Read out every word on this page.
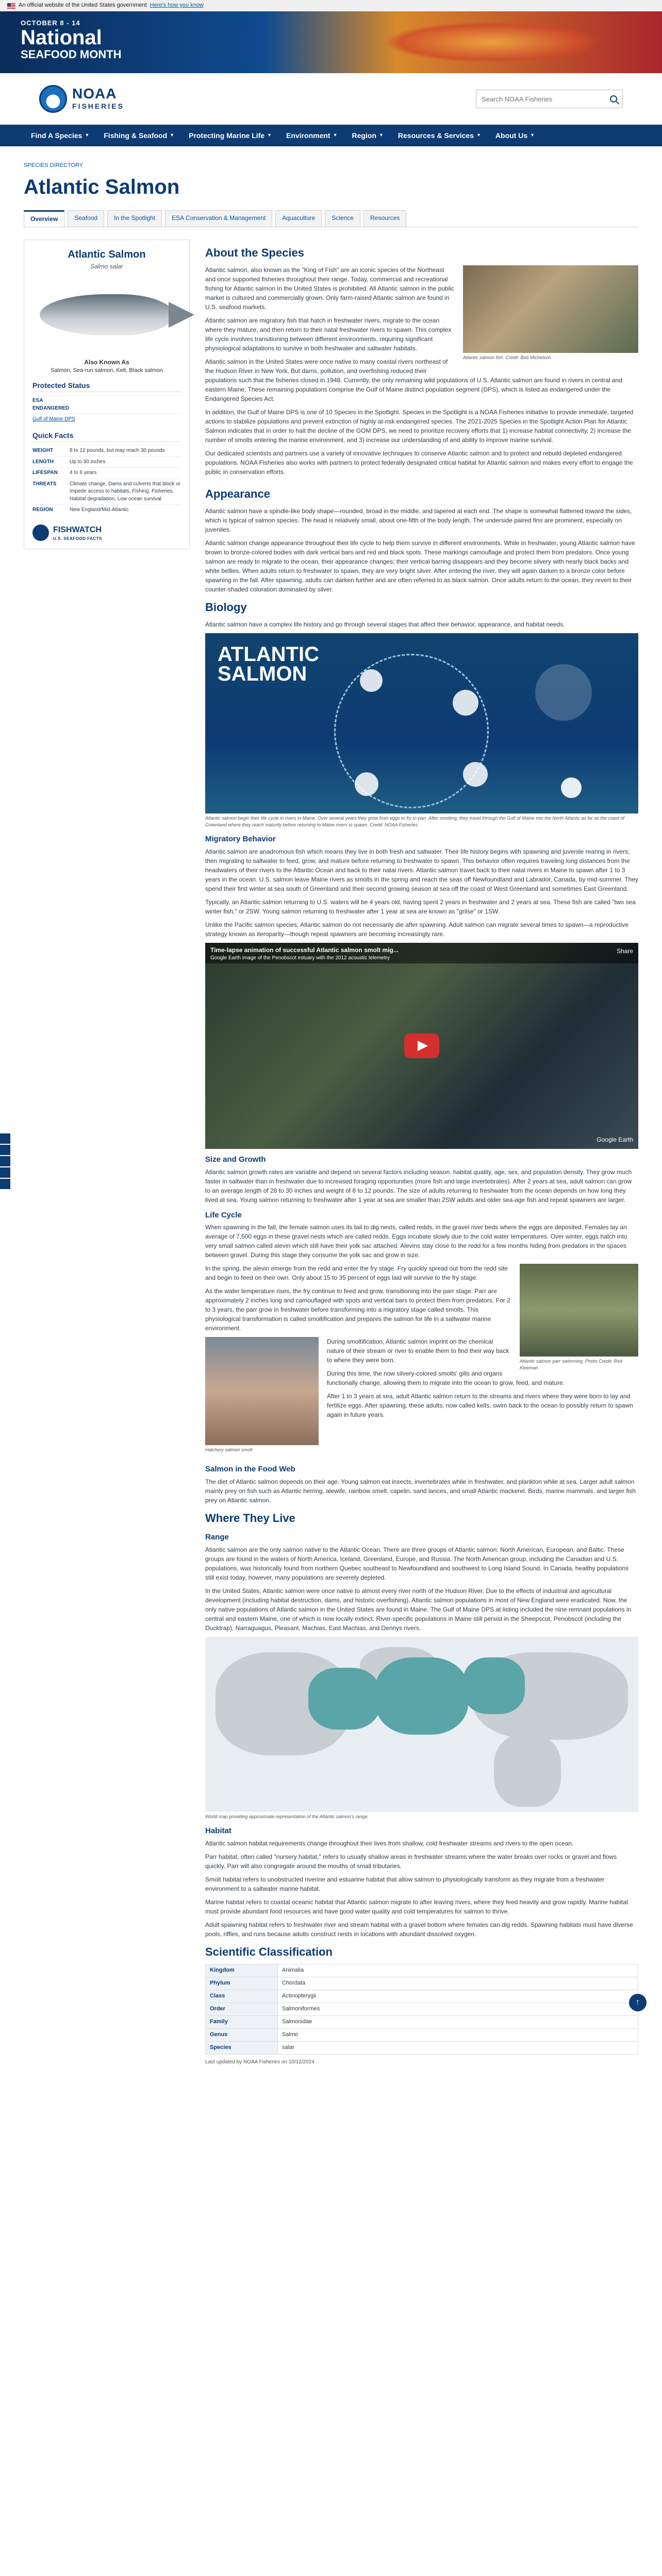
An official website of the United States government Here's how you know
OCTOBER 8 - 14
National
SEAFOOD MONTH
NOAA
FISHERIES
Search NOAA Fisheries
Find A Species ▼ Fishing & Seafood ▼ Protecting Marine Life ▼ Environment ▼ Region ▼ Resources & Services ▼ About Us ▼
SPECIES DIRECTORY
Atlantic Salmon
Overview	Seafood	In the Spotlight	ESA Conservation & Management	Aquaculture	Science	Resources
Atlantic Salmon
Salmo salar
Also Known As
Salmon, Sea-run salmon, Kelt, Black salmon
Protected Status
ESA ENDANGERED
Gulf of Maine DPS
Quick Facts
WEIGHT	8 to 12 pounds, but may reach 30 pounds
LENGTH	Up to 30 inches
LIFESPAN	4 to 6 years
THREATS	Climate change, Dams and culverts that block or impede access to habitats, Fishing, Fisheries, Habitat degradation, Low ocean survival
REGION	New England/Mid-Atlantic
FISHWATCH
U.S. SEAFOOD FACTS
About the Species
Atlantic salmon fish. Credit: Bob Michelson

Atlantic salmon, also known as the "King of Fish" are an iconic species of the Northeast and once supported fisheries throughout their range. Today, commercial and recreational fishing for Atlantic salmon in the United States is prohibited. All Atlantic salmon in the public market is cultured and commercially grown. Only farm-raised Atlantic salmon are found in U.S. seafood markets.

Atlantic salmon are migratory fish that hatch in freshwater rivers, migrate to the ocean where they mature, and then return to their natal freshwater rivers to spawn. This complex life cycle involves transitioning between different environments, requiring significant physiological adaptations to survive in both freshwater and saltwater habitats.

Atlantic salmon in the United States were once native to many coastal rivers northeast of the Hudson River in New York. But dams, pollution, and overfishing reduced their populations such that the fisheries closed in 1948. Currently, the only remaining wild populations of U.S. Atlantic salmon are found in rivers in central and eastern Maine. These remaining populations comprise the Gulf of Maine distinct population segment (DPS), which is listed as endangered under the Endangered Species Act.

In addition, the Gulf of Maine DPS is one of 10 Species in the Spotlight. Species in the Spotlight is a NOAA Fisheries initiative to provide immediate, targeted actions to stabilize populations and prevent extinction of highly at-risk endangered species. The 2021-2025 Species in the Spotlight Action Plan for Atlantic Salmon indicates that in order to halt the decline of the GOM DPS, we need to prioritize recovery efforts that 1) increase habitat connectivity, 2) increase the number of smolts entering the marine environment, and 3) increase our understanding of and ability to improve marine survival.

Our dedicated scientists and partners use a variety of innovative techniques to conserve Atlantic salmon and to protect and rebuild depleted endangered populations. NOAA Fisheries also works with partners to protect federally designated critical habitat for Atlantic salmon and makes every effort to engage the public in conservation efforts.

Appearance

Atlantic salmon have a spindle-like body shape—rounded, broad in the middle, and tapered at each end. The shape is somewhat flattened toward the sides, which is typical of salmon species. The head is relatively small, about one-fifth of the body length. The underside paired fins are prominent, especially on juveniles.

Atlantic salmon change appearance throughout their life cycle to help them survive in different environments. While in freshwater, young Atlantic salmon have brown to bronze-colored bodies with dark vertical bars and red and black spots. These markings camouflage and protect them from predators. Once young salmon are ready to migrate to the ocean, their appearance changes; their vertical barring disappears and they become silvery with nearly black backs and white bellies. When adults return to freshwater to spawn, they are very bright silver. After entering the river, they will again darken to a bronze color before spawning in the fall. After spawning, adults can darken further and are often referred to as black salmon. Once adults return to the ocean, they revert to their counter-shaded coloration dominated by silver.

Biology

Atlantic salmon have a complex life history and go through several stages that affect their behavior, appearance, and habitat needs.

ATLANTIC
SALMON
Atlantic salmon begin their life cycle in rivers in Maine. Over several years they grow from eggs to fry to parr. After smolting, they travel through the Gulf of Maine into the North Atlantic as far as the coast of Greenland where they reach maturity before returning to Maine rivers to spawn. Credit: NOAA Fisheries
Migratory Behavior

Atlantic salmon are anadromous fish which means they live in both fresh and saltwater. Their life history begins with spawning and juvenile rearing in rivers; then migrating to saltwater to feed, grow, and mature before returning to freshwater to spawn. This behavior often requires traveling long distances from the headwaters of their rivers to the Atlantic Ocean and back to their natal rivers. Atlantic salmon travel back to their natal rivers in Maine to spawn after 1 to 3 years in the ocean. U.S. salmon leave Maine rivers as smolts in the spring and reach the seas off Newfoundland and Labrador, Canada, by mid-summer. They spend their first winter at sea south of Greenland and their second growing season at sea off the coast of West Greenland and sometimes East Greenland.

Typically, an Atlantic salmon returning to U.S. waters will be 4 years old, having spent 2 years in freshwater and 2 years at sea. These fish are called "two sea winter fish," or 2SW. Young salmon returning to freshwater after 1 year at sea are known as "grilse" or 1SW.

Unlike the Pacific salmon species, Atlantic salmon do not necessarily die after spawning. Adult salmon can migrate several times to spawn—a reproductive strategy known as iteroparity—though repeat spawners are becoming increasingly rare.

Time-lapse animation of successful Atlantic salmon smolt mig...
Google Earth image of the Penobscot estuary with the 2012 acoustic telemetry
Share
Google Earth
Size and Growth

Atlantic salmon growth rates are variable and depend on several factors including season, habitat quality, age, sex, and population density. They grow much faster in saltwater than in freshwater due to increased foraging opportunities (more fish and large invertebrates). After 2 years at sea, adult salmon can grow to an average length of 28 to 30 inches and weight of 8 to 12 pounds. The size of adults returning to freshwater from the ocean depends on how long they lived at sea. Young salmon returning to freshwater after 1 year at sea are smaller than 2SW adults and older sea-age fish and repeat spawners are larger.

Life Cycle

When spawning in the fall, the female salmon uses its tail to dig nests, called redds, in the gravel river beds where the eggs are deposited. Females lay an average of 7,500 eggs in these gravel nests which are called redds. Eggs incubate slowly due to the cold water temperatures. Over winter, eggs hatch into very small salmon called alevin which still have their yolk sac attached. Alevins stay close to the redd for a few months hiding from predators in the spaces between gravel. During this stage they consume the yolk sac and grow in size.

Atlantic salmon parr swimming. Photo Credit: Rick Kleeman

In the spring, the alevin emerge from the redd and enter the fry stage. Fry quickly spread out from the redd site and begin to feed on their own. Only about 15 to 35 percent of eggs laid will survive to the fry stage.

As the water temperature rises, the fry continue to feed and grow, transitioning into the parr stage. Parr are approximately 2 inches long and camouflaged with spots and vertical bars to protect them from predators. For 2 to 3 years, the parr grow in freshwater before transforming into a migratory stage called smolts. This physiological transformation is called smoltification and prepares the salmon for life in a saltwater marine environment.

Hatchery salmon smolt

During smoltification, Atlantic salmon imprint on the chemical nature of their stream or river to enable them to find their way back to where they were born.

During this time, the now silvery-colored smolts' gills and organs functionally change, allowing them to migrate into the ocean to grow, feed, and mature.

After 1 to 3 years at sea, adult Atlantic salmon return to the streams and rivers where they were born to lay and fertilize eggs. After spawning, these adults, now called kelts, swim back to the ocean to possibly return to spawn again in future years.

Salmon in the Food Web

The diet of Atlantic salmon depends on their age. Young salmon eat insects, invertebrates while in freshwater, and plankton while at sea. Larger adult salmon mainly prey on fish such as Atlantic herring, alewife, rainbow smelt, capelin, sand lances, and small Atlantic mackerel. Birds, marine mammals, and larger fish prey on Atlantic salmon.

Where They Live
Range

Atlantic salmon are the only salmon native to the Atlantic Ocean. There are three groups of Atlantic salmon: North American, European, and Baltic. These groups are found in the waters of North America, Iceland, Greenland, Europe, and Russia. The North American group, including the Canadian and U.S. populations, was historically found from northern Quebec southeast to Newfoundland and southwest to Long Island Sound. In Canada, healthy populations still exist today, however, many populations are severely depleted.

In the United States, Atlantic salmon were once native to almost every river north of the Hudson River. Due to the effects of industrial and agricultural development (including habitat destruction, dams, and historic overfishing), Atlantic salmon populations in most of New England were eradicated. Now, the only native populations of Atlantic salmon in the United States are found in Maine. The Gulf of Maine DPS at listing included the nine remnant populations in central and eastern Maine, one of which is now locally extinct. River-specific populations in Maine still persist in the Sheepscot, Penobscot (including the Ducktrap), Narraguagus, Pleasant, Machias, East Machias, and Dennys rivers.

World map providing approximate representation of the Atlantic salmon's range.
Habitat

Atlantic salmon habitat requirements change throughout their lives from shallow, cold freshwater streams and rivers to the open ocean.

Parr habitat, often called "nursery habitat," refers to usually shallow areas in freshwater streams where the water breaks over rocks or gravel and flows quickly. Parr will also congregate around the mouths of small tributaries.

Smolt habitat refers to unobstructed riverine and estuarine habitat that allow salmon to physiologically transform as they migrate from a freshwater environment to a saltwater marine habitat.

Marine habitat refers to coastal oceanic habitat that Atlantic salmon migrate to after leaving rivers, where they feed heavily and grow rapidly. Marine habitat must provide abundant food resources and have good water quality and cold temperatures for salmon to thrive.

Adult spawning habitat refers to freshwater river and stream habitat with a gravel bottom where females can dig redds. Spawning habitats must have diverse pools, riffles, and runs because adults construct nests in locations with abundant dissolved oxygen.

Scientific Classification
Kingdom	Animalia
Phylum	Chordata
Class	Actinopterygii
Order	Salmoniformes
Family	Salmonidae
Genus	Salmo
Species	salar
Last updated by NOAA Fisheries on 10/12/2024
↑
